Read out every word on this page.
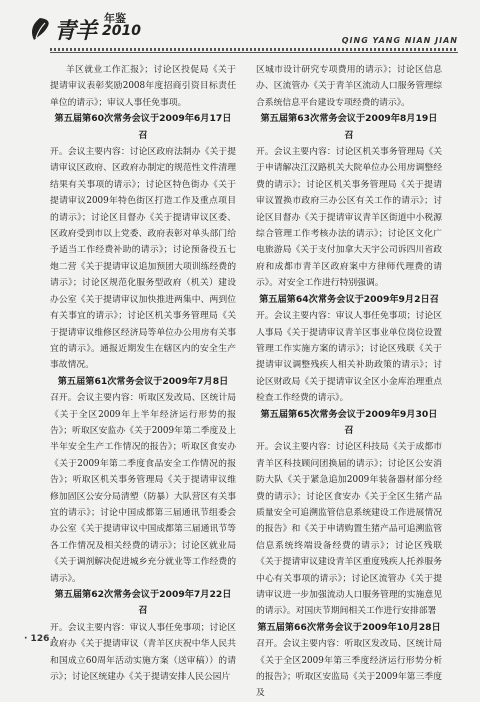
青羊 年鉴
2010
QING YANG NIAN JIAN

羊区就业工作汇报》；讨论区投促局《关于提请审议表彰奖励2008年度招商引资目标责任单位的请示》；审议人事任免事项。

第五届第60次常务会议于2009年6月17日召

开。会议主要内容：讨论区政府法制办《关于提请审议区政府、区政府办制定的规范性文件清理结果有关事项的请示》；讨论区特色街办《关于提请审议2009年特色街区打造工作及重点项目的请示》；讨论区目督办《关于提请审议区委、区政府受到市以上党委、政府表彰对单头部门给予适当工作经费补助的请示》；讨论预备役五七炮二营《关于提请审议追加预团大项训练经费的请示》；讨论区规范化服务型政府（机关）建设办公室《关于提请审议加快推进两集中、两到位有关事宜的请示》；讨论区机关事务管理局《关于提请审议维修区经济局等单位办公用房有关事宜的请示》。通报近期发生在辖区内的安全生产事故情况。

第五届第61次常务会议于2009年7月8日

召开。会议主要内容：听取区发改局、区统计局《关于全区2009年上半年经济运行形势的报告》；听取区安监办《关于2009年第二季度及上半年安全生产工作情况的报告》；听取区食安办《关于2009年第二季度食品安全工作情况的报告》；听取区机关事务管理局《关于提请审议维修加固区公安分局清塑（防暴）大队营区有关事宜的请示》；讨论中国成都第三届通讯节组委会办公室《关于提请审议中国成都第三届通讯节等各工作情况及相关经费的请示》；讨论区就业局《关于调剂解决促进城乡充分就业等工作经费的请示》。

第五届第62次常务会议于2009年7月22日召

开。会议主要内容：审议人事任免事项；讨论区政府办《关于提请审议（青羊区庆祝中华人民共和国成立60周年活动实施方案（送审稿））的请示》；讨论区统建办《关于提请安排人民公园片

区城市设计研究专项费用的请示》；讨论区信息办、区流管办《关于青羊区流动人口服务管理综合系统信息平台建设专项经费的请示》。

第五届第63次常务会议于2009年8月19日召

开。会议主要内容：讨论区机关事务管理局《关于申请解决江汉路机关大院单位办公用房调整经费的请示》；讨论区机关事务管理局《关于提请审议置换市政府三办公区有关工作的请示》；讨论区目督办《关于提请审议青羊区街道中小税源综合管理工作考核办法的请示》；讨论区文化广电旅游局《关于支付加拿大天宇公司诉四川省政府和成都市青羊区政府案中方律师代理费的请示》。对安全工作进行特别强调。

第五届第64次常务会议于2009年9月2日召

开。会议主要内容：审议人事任免事项；讨论区人事局《关于提请审议青羊区事业单位岗位设置管理工作实施方案的请示》；讨论区残联《关于提请审议调整残疾人相关补助政策的请示》；讨论区财政局《关于提请审议全区小金库治理重点检查工作经费的请示》。

第五届第65次常务会议于2009年9月30日召

开。会议主要内容：讨论区科技局《关于成都市青羊区科技顾问团换届的请示》；讨论区公安消防大队《关于紧急追加2009年装备器材部分经费的请示》；讨论区食安办《关于全区生猪产品质量安全可追溯监管信息系统建设工作进展情况的报告》和《关于申请购置生猪产品可追溯监管信息系统终端设备经费的请示》；讨论区残联《关于提请审议建设青羊区重度残疾人托养服务中心有关事项的请示》；讨论区流管办《关于提请审议进一步加强流动人口服务管理的实施意见的请示》。对国庆节期间相关工作进行安排部署

第五届第66次常务会议于2009年10月28日

召开。会议主要内容：听取区发改局、区统计局《关于全区2009年第三季度经济运行形势分析的报告》；听取区安监局《关于2009年第三季度及

· 126 ·
